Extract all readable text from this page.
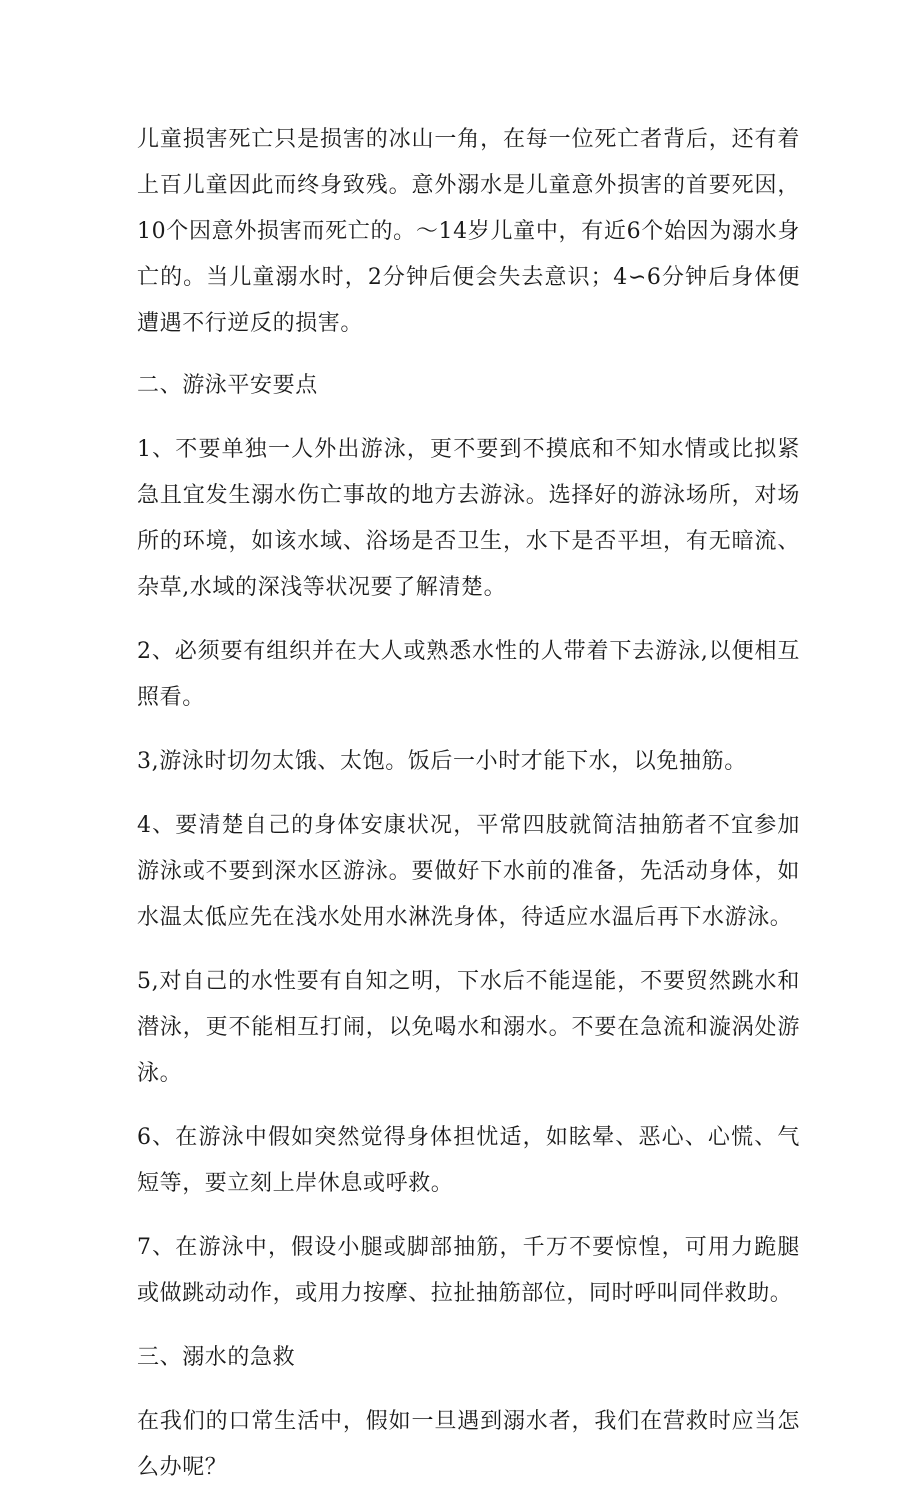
儿童损害死亡只是损害的冰山一角，在每一位死亡者背后，还有着上百儿童因此而终身致残。意外溺水是儿童意外损害的首要死因，10个因意外损害而死亡的。～14岁儿童中，有近6个始因为溺水身亡的。当儿童溺水时，2分钟后便会失去意识；4∽6分钟后身体便遭遇不行逆反的损害。

二、游泳平安要点

1、不要单独一人外出游泳，更不要到不摸底和不知水情或比拟紧急且宜发生溺水伤亡事故的地方去游泳。选择好的游泳场所，对场所的环境，如该水域、浴场是否卫生，水下是否平坦，有无暗流、杂草,水域的深浅等状况要了解清楚。

2、必须要有组织并在大人或熟悉水性的人带着下去游泳,以便相互照看。

3,游泳时切勿太饿、太饱。饭后一小时才能下水，以免抽筋。

4、要清楚自己的身体安康状况，平常四肢就简洁抽筋者不宜参加游泳或不要到深水区游泳。要做好下水前的准备，先活动身体，如水温太低应先在浅水处用水淋洗身体，待适应水温后再下水游泳。

5,对自己的水性要有自知之明，下水后不能逞能，不要贸然跳水和潜泳，更不能相互打闹，以免喝水和溺水。不要在急流和漩涡处游泳。

6、在游泳中假如突然觉得身体担忧适，如眩晕、恶心、心慌、气短等，要立刻上岸休息或呼救。

7、在游泳中，假设小腿或脚部抽筋，千万不要惊惶，可用力跪腿或做跳动动作，或用力按摩、拉扯抽筋部位，同时呼叫同伴救助。

三、溺水的急救

在我们的口常生活中，假如一旦遇到溺水者，我们在营救时应当怎么办呢？
